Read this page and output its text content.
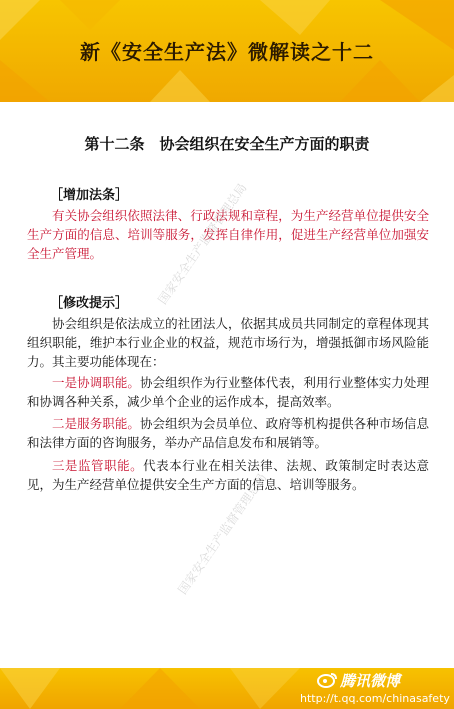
新《安全生产法》微解读之十二
第十二条　协会组织在安全生产方面的职责
［增加法条］
有关协会组织依照法律、行政法规和章程，为生产经营单位提供安全生产方面的信息、培训等服务，发挥自律作用，促进生产经营单位加强安全生产管理。
［修改提示］
协会组织是依法成立的社团法人，依据其成员共同制定的章程体现其组织职能，维护本行业企业的权益，规范市场行为，增强抵御市场风险能力。其主要功能体现在：
一是协调职能。协会组织作为行业整体代表，利用行业整体实力处理和协调各种关系，减少单个企业的运作成本，提高效率。
二是服务职能。协会组织为会员单位、政府等机构提供各种市场信息和法律方面的咨询服务，举办产品信息发布和展销等。
三是监管职能。代表本行业在相关法律、法规、政策制定时表达意见，为生产经营单位提供安全生产方面的信息、培训等服务。
国家安全生产监督管理总局
国家安全生产监督管理总局
腾讯微博
http://t.qq.com/chinasafety
